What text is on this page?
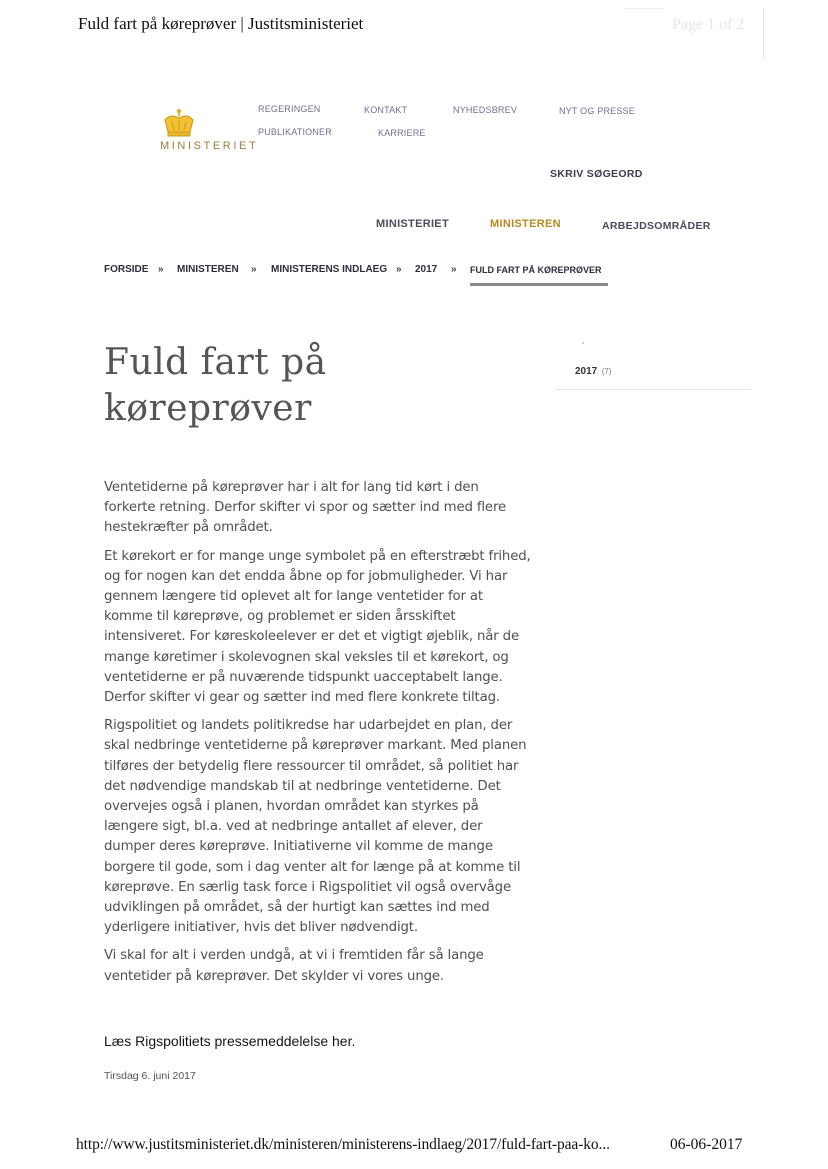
Fuld fart på køreprøver | Justitsministeriet	Page 1 of 2
MINISTERIET
REGERINGEN	KONTAKT	NYHEDSBREV	NYT OG PRESSE
PUBLIKATIONER	KARRIERE
SKRIV SØGEORD
MINISTERIET	MINISTEREN	ARBEJDSOMRÅDER
FORSIDE » MINISTEREN » MINISTERENS INDLAEG » 2017 » FULD FART PÅ KØREPRØVER
Fuld fart på køreprøver
2017 (7)

Ventetiderne på køreprøver har i alt for lang tid kørt i den forkerte retning. Derfor skifter vi spor og sætter ind med flere hestekræfter på området.

Et kørekort er for mange unge symbolet på en efterstræbt frihed, og for nogen kan det endda åbne op for jobmuligheder. Vi har gennem længere tid oplevet alt for lange ventetider for at komme til køreprøve, og problemet er siden årsskiftet intensiveret. For køreskoleelever er det et vigtigt øjeblik, når de mange køretimer i skolevognen skal veksles til et kørekort, og ventetiderne er på nuværende tidspunkt uacceptabelt lange. Derfor skifter vi gear og sætter ind med flere konkrete tiltag.

Rigspolitiet og landets politikredse har udarbejdet en plan, der skal nedbringe ventetiderne på køreprøver markant. Med planen tilføres der betydelig flere ressourcer til området, så politiet har det nødvendige mandskab til at nedbringe ventetiderne. Det overvejes også i planen, hvordan området kan styrkes på længere sigt, bl.a. ved at nedbringe antallet af elever, der dumper deres køreprøve. Initiativerne vil komme de mange borgere til gode, som i dag venter alt for længe på at komme til køreprøve. En særlig task force i Rigspolitiet vil også overvåge udviklingen på området, så der hurtigt kan sættes ind med yderligere initiativer, hvis det bliver nødvendigt.

Vi skal for alt i verden undgå, at vi i fremtiden får så lange ventetider på køreprøver. Det skylder vi vores unge.

Læs Rigspolitiets pressemeddelelse her.
Tirsdag 6. juni 2017
http://www.justitsministeriet.dk/ministeren/ministerens-indlaeg/2017/fuld-fart-paa-ko...	06-06-2017
